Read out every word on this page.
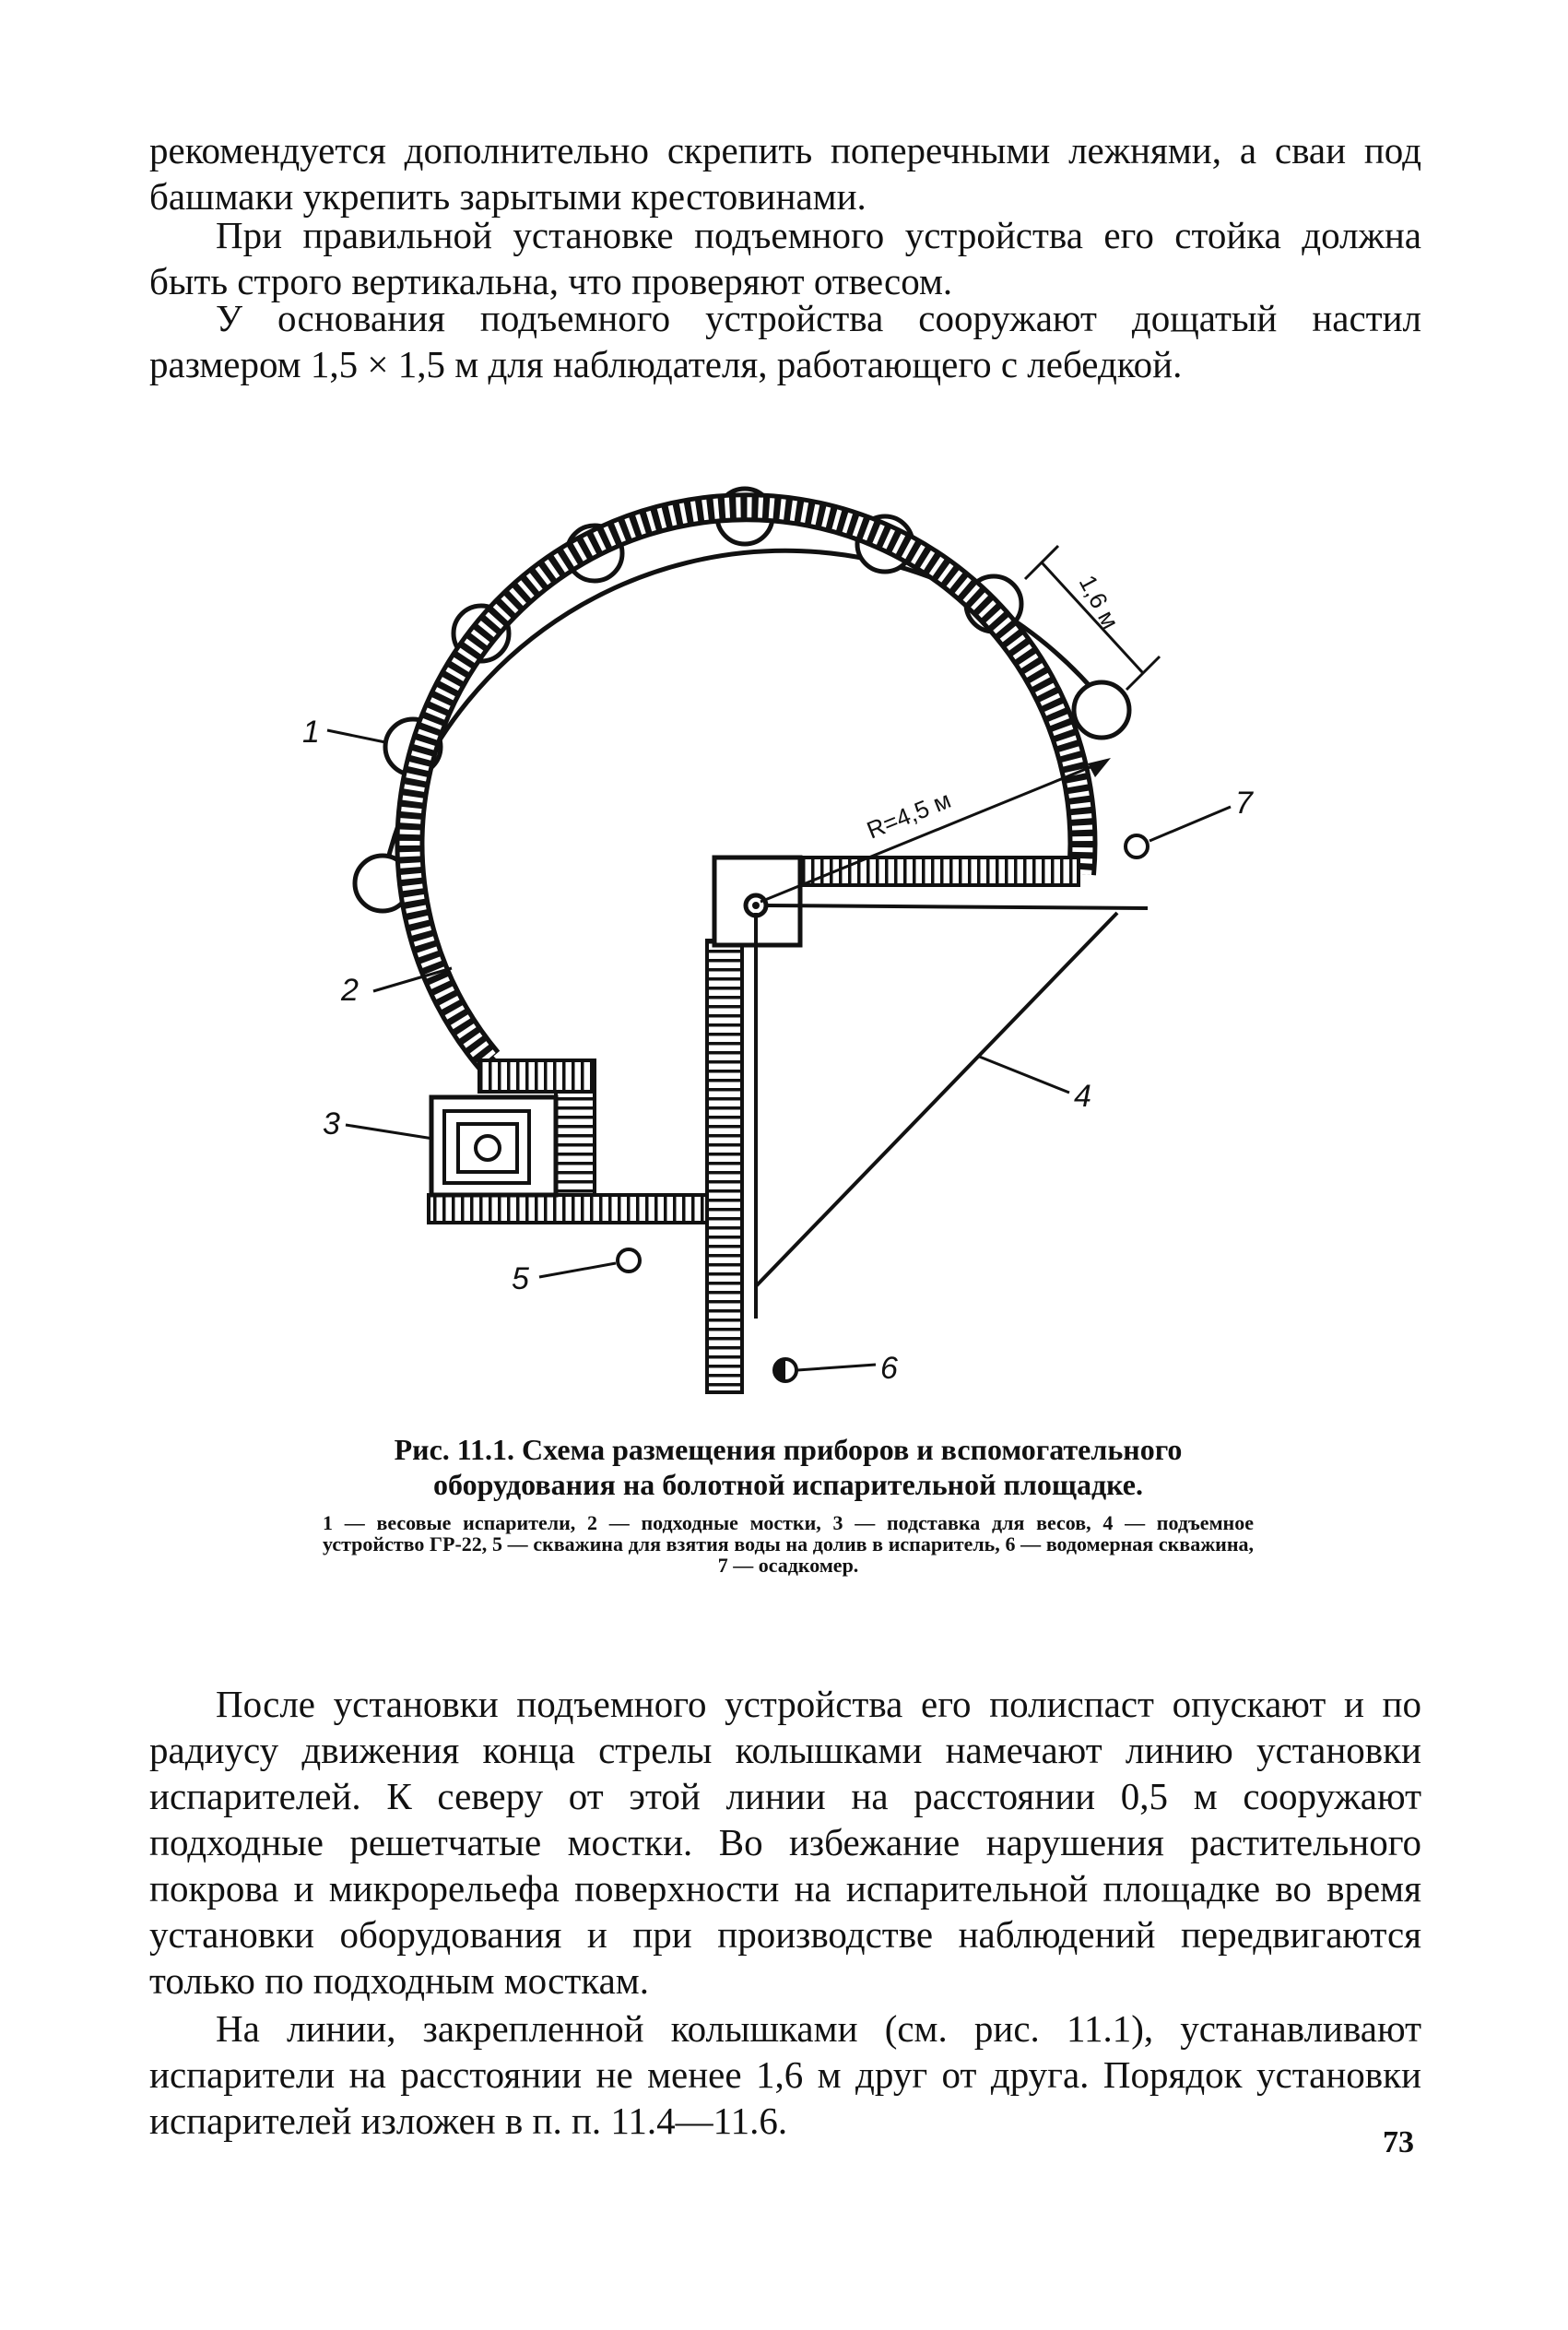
рекомендуется дополнительно скрепить поперечными лежнями, а сваи под башмаки укрепить зарытыми крестовинами.

При правильной установке подъемного устройства его стойка должна быть строго вертикальна, что проверяют отвесом.

У основания подъемного устройства сооружают дощатый настил размером 1,5 × 1,5 м для наблюдателя, работающего с лебедкой.

R=4,5 м
1,6 м
1
2
3
4
5
6
7

Рис. 11.1. Схема размещения приборов и вспомогательного оборудования на болотной испарительной площадке.

1 — весовые испарители, 2 — подходные мостки, 3 — подставка для весов, 4 — подъемное устройство ГР-22, 5 — скважина для взятия воды на долив в испаритель, 6 — водомерная скважина, 7 — осадкомер.

После установки подъемного устройства его полиспаст опускают и по радиусу движения конца стрелы колышками намечают линию установки испарителей. К северу от этой линии на расстоянии 0,5 м сооружают подходные решетчатые мостки. Во избежание нарушения растительного покрова и микрорельефа поверхности на испарительной площадке во время установки оборудования и при производстве наблюдений передвигаются только по подходным мосткам.

На линии, закрепленной колышками (см. рис. 11.1), устанавливают испарители на расстоянии не менее 1,6 м друг от друга. Порядок установки испарителей изложен в п. п. 11.4—11.6.

73
